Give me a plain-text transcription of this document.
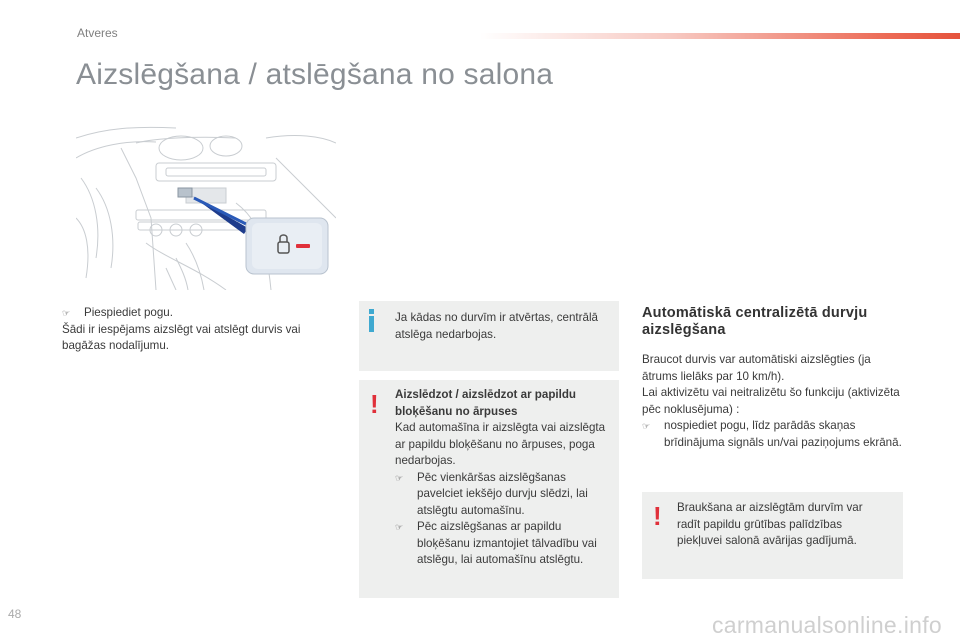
Atveres
Aizslēgšana / atslēgšana no salona
☞	Piespiediet pogu.

Šādi ir iespējams aizslēgt vai atslēgt durvis vai bagāžas nodalījumu.

Ja kādas no durvīm ir atvērtas, centrālā atslēga nedarbojas.

! Aizslēdzot / aizslēdzot ar papildu bloķēšanu no ārpuses

Kad automašīna ir aizslēgta vai aizslēgta ar papildu bloķēšanu no ārpuses, poga nedarbojas.

☞	Pēc vienkāršas aizslēgšanas pavelciet iekšējo durvju slēdzi, lai atslēgtu automašīnu.
☞	Pēc aizslēgšanas ar papildu bloķēšanu izmantojiet tālvadību vai atslēgu, lai automašīnu atslēgtu.
Automātiskā centralizētā durvju aizslēgšana

Braucot durvis var automātiski aizslēgties (ja ātrums lielāks par 10 km/h).

Lai aktivizētu vai neitralizētu šo funkciju (aktivizēta pēc noklusējuma) :

☞	nospiediet pogu, līdz parādās skaņas brīdinājuma signāls un/vai paziņojums ekrānā.
! Braukšana ar aizslēgtām durvīm var radīt papildu grūtības palīdzības piekļuvei salonā avārijas gadījumā.

48	carmanualsonline.info
